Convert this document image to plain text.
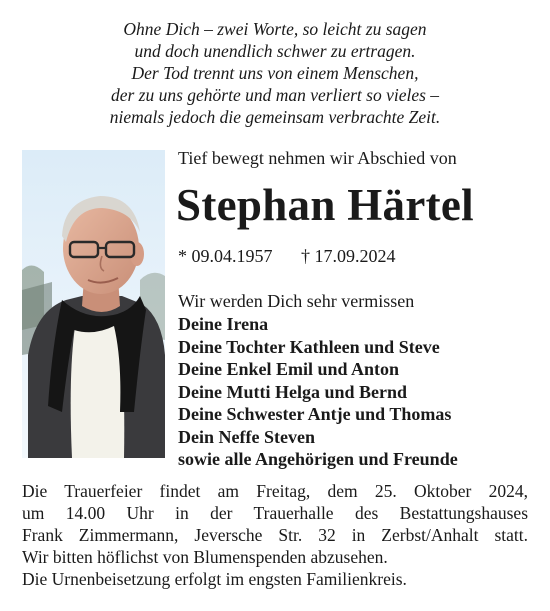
Ohne Dich – zwei Worte, so leicht zu sagen
und doch unendlich schwer zu ertragen.
Der Tod trennt uns von einem Menschen,
der zu uns gehörte und man verliert so vieles –
niemals jedoch die gemeinsam verbrachte Zeit.
Tief bewegt nehmen wir Abschied von
Stephan Härtel
* 09.04.1957 † 17.09.2024
Wir werden Dich sehr vermissen
Deine Irena
Deine Tochter Kathleen und Steve
Deine Enkel Emil und Anton
Deine Mutti Helga und Bernd
Deine Schwester Antje und Thomas
Dein Neffe Steven
sowie alle Angehörigen und Freunde
Die Trauerfeier findet am Freitag, dem 25. Oktober 2024,
um 14.00 Uhr in der Trauerhalle des Bestattungshauses
Frank Zimmermann, Jeversche Str. 32 in Zerbst/Anhalt statt.
Wir bitten höflichst von Blumenspenden abzusehen.
Die Urnenbeisetzung erfolgt im engsten Familienkreis.
